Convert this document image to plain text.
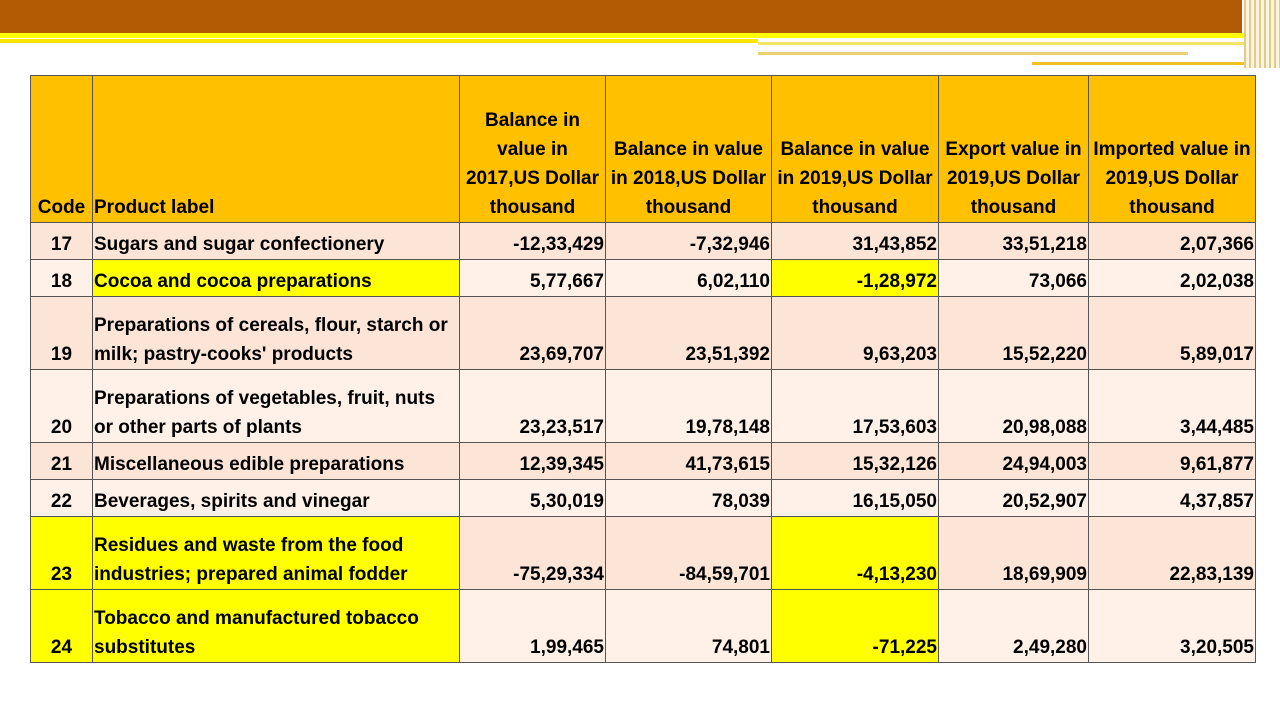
Code	Product label	Balance in value in 2017,US Dollar thousand	Balance in value in 2018,US Dollar thousand	Balance in value in 2019,US Dollar thousand	Export value in 2019,US Dollar thousand	Imported value in 2019,US Dollar thousand
17	Sugars and sugar confectionery	-12,33,429	-7,32,946	31,43,852	33,51,218	2,07,366
18	Cocoa and cocoa preparations	5,77,667	6,02,110	-1,28,972	73,066	2,02,038
19	Preparations of cereals, flour, starch or milk; pastry-cooks' products	23,69,707	23,51,392	9,63,203	15,52,220	5,89,017
20	Preparations of vegetables, fruit, nuts or other parts of plants	23,23,517	19,78,148	17,53,603	20,98,088	3,44,485
21	Miscellaneous edible preparations	12,39,345	41,73,615	15,32,126	24,94,003	9,61,877
22	Beverages, spirits and vinegar	5,30,019	78,039	16,15,050	20,52,907	4,37,857
23	Residues and waste from the food industries; prepared animal fodder	-75,29,334	-84,59,701	-4,13,230	18,69,909	22,83,139
24	Tobacco and manufactured tobacco substitutes	1,99,465	74,801	-71,225	2,49,280	3,20,505
